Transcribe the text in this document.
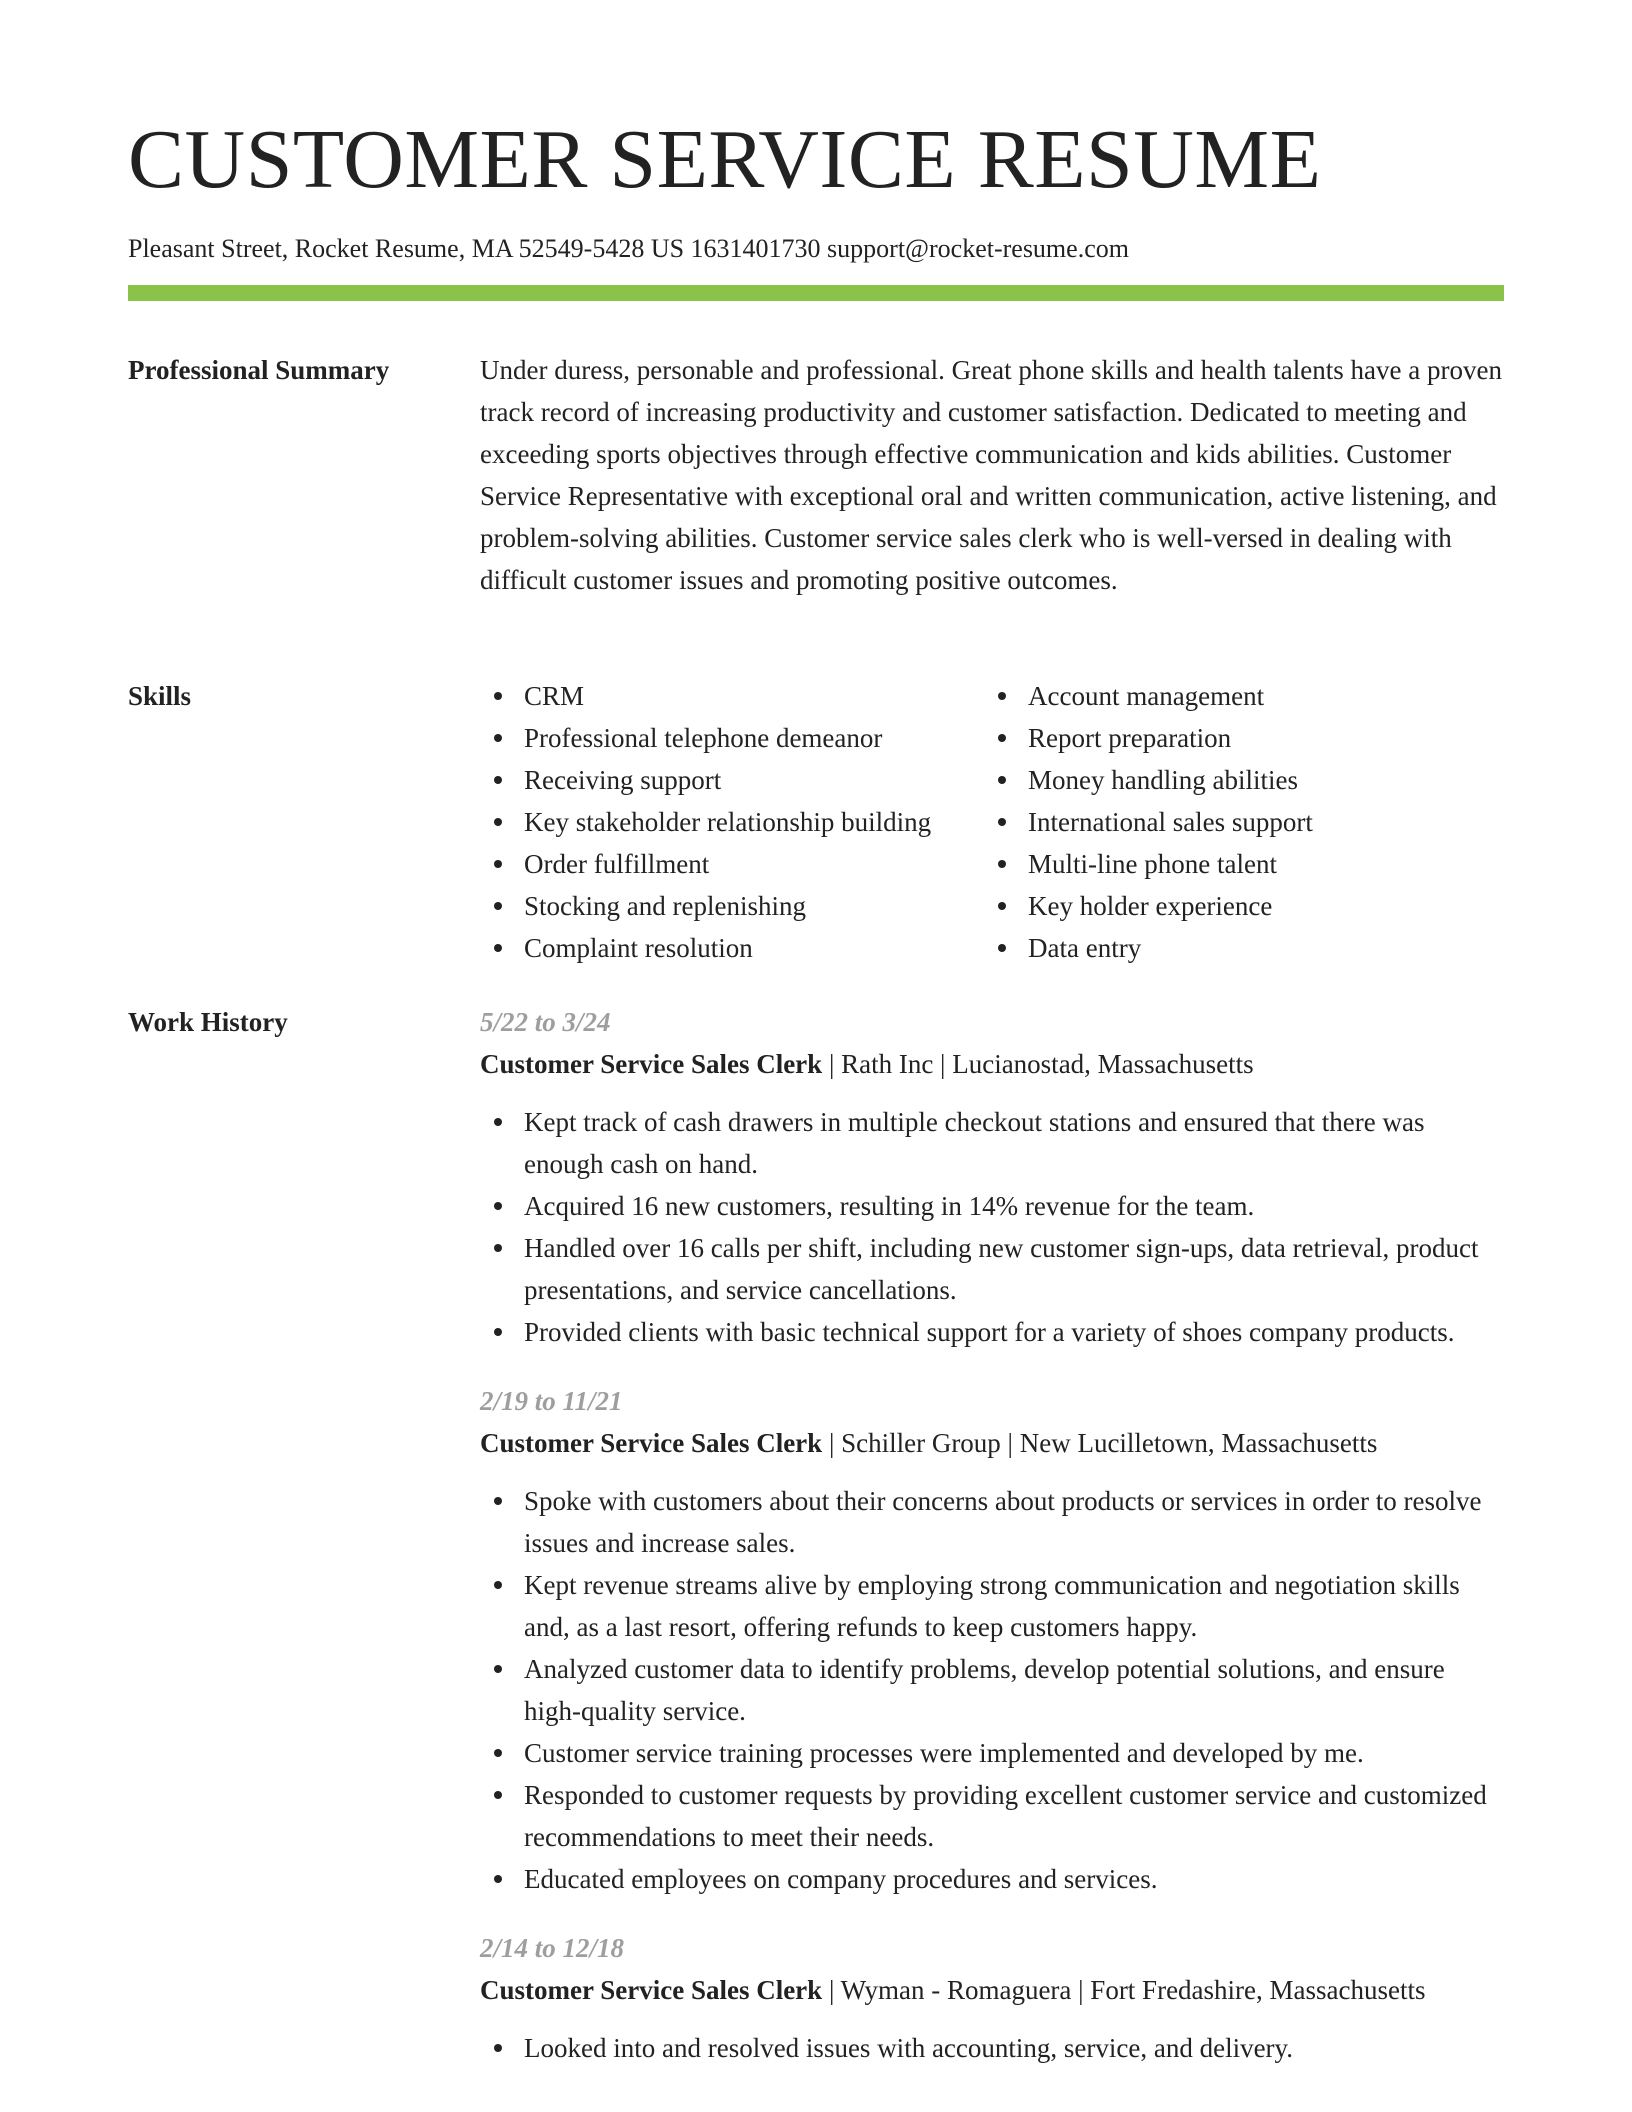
CUSTOMER SERVICE RESUME
Pleasant Street, Rocket Resume, MA 52549-5428 US 1631401730 support@rocket-resume.com
Professional Summary	Under duress, personable and professional. Great phone skills and health talents have a proven track record of increasing productivity and customer satisfaction. Dedicated to meeting and exceeding sports objectives through effective communication and kids abilities. Customer Service Representative with exceptional oral and written communication, active listening, and problem-solving abilities. Customer service sales clerk who is well-versed in dealing with difficult customer issues and promoting positive outcomes.

Skills	CRM
Professional telephone demeanor
Receiving support
Key stakeholder relationship building
Order fulfillment
Stocking and replenishing
Complaint resolution
Account management
Report preparation
Money handling abilities
International sales support
Multi-line phone talent
Key holder experience
Data entry
Work History	5/22 to 3/24
Customer Service Sales Clerk | Rath Inc | Lucianostad, Massachusetts
Kept track of cash drawers in multiple checkout stations and ensured that there was enough cash on hand.
Acquired 16 new customers, resulting in 14% revenue for the team.
Handled over 16 calls per shift, including new customer sign-ups, data retrieval, product presentations, and service cancellations.
Provided clients with basic technical support for a variety of shoes company products.
2/19 to 11/21
Customer Service Sales Clerk | Schiller Group | New Lucilletown, Massachusetts
Spoke with customers about their concerns about products or services in order to resolve issues and increase sales.
Kept revenue streams alive by employing strong communication and negotiation skills and, as a last resort, offering refunds to keep customers happy.
Analyzed customer data to identify problems, develop potential solutions, and ensure high-quality service.
Customer service training processes were implemented and developed by me.
Responded to customer requests by providing excellent customer service and customized recommendations to meet their needs.
Educated employees on company procedures and services.
2/14 to 12/18
Customer Service Sales Clerk | Wyman - Romaguera | Fort Fredashire, Massachusetts
Looked into and resolved issues with accounting, service, and delivery.
